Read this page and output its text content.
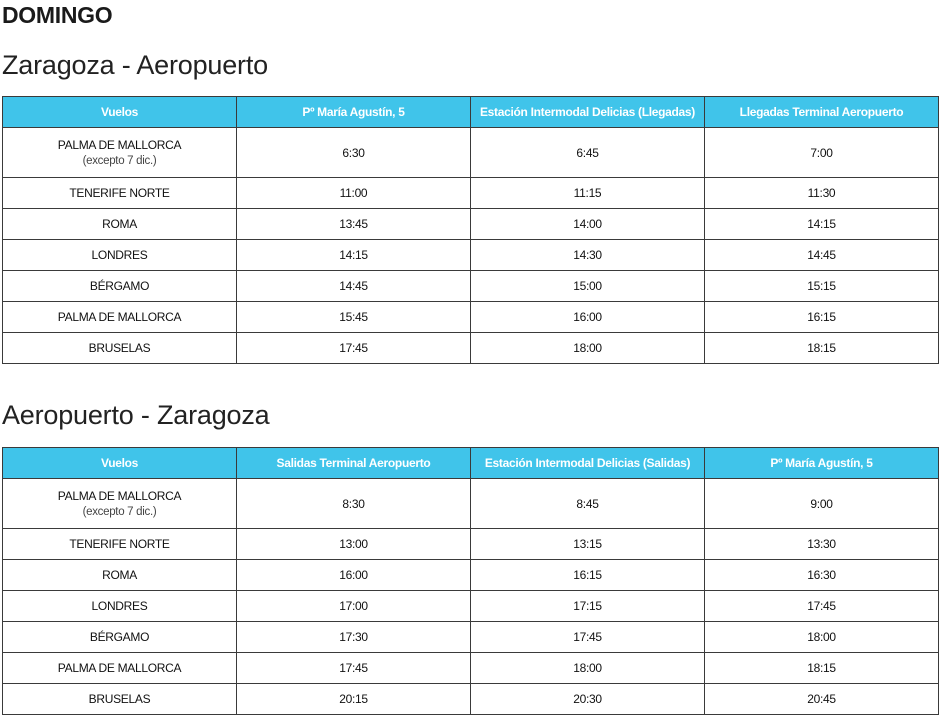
DOMINGO
Zaragoza - Aeropuerto
Vuelos	Pº María Agustín, 5	Estación Intermodal Delicias (Llegadas)	Llegadas Terminal Aeropuerto

PALMA DE MALLORCA
(excepto 7 dic.)	6:30	6:45	7:00

TENERIFE NORTE	11:00	11:15	11:30

ROMA	13:45	14:00	14:15

LONDRES	14:15	14:30	14:45

BÉRGAMO	14:45	15:00	15:15

PALMA DE MALLORCA	15:45	16:00	16:15

BRUSELAS	17:45	18:00	18:15
Aeropuerto - Zaragoza
Vuelos	Salidas Terminal Aeropuerto	Estación Intermodal Delicias (Salidas)	Pº María Agustín, 5

PALMA DE MALLORCA
(excepto 7 dic.)	8:30	8:45	9:00

TENERIFE NORTE	13:00	13:15	13:30

ROMA	16:00	16:15	16:30

LONDRES	17:00	17:15	17:45

BÉRGAMO	17:30	17:45	18:00

PALMA DE MALLORCA	17:45	18:00	18:15

BRUSELAS	20:15	20:30	20:45
